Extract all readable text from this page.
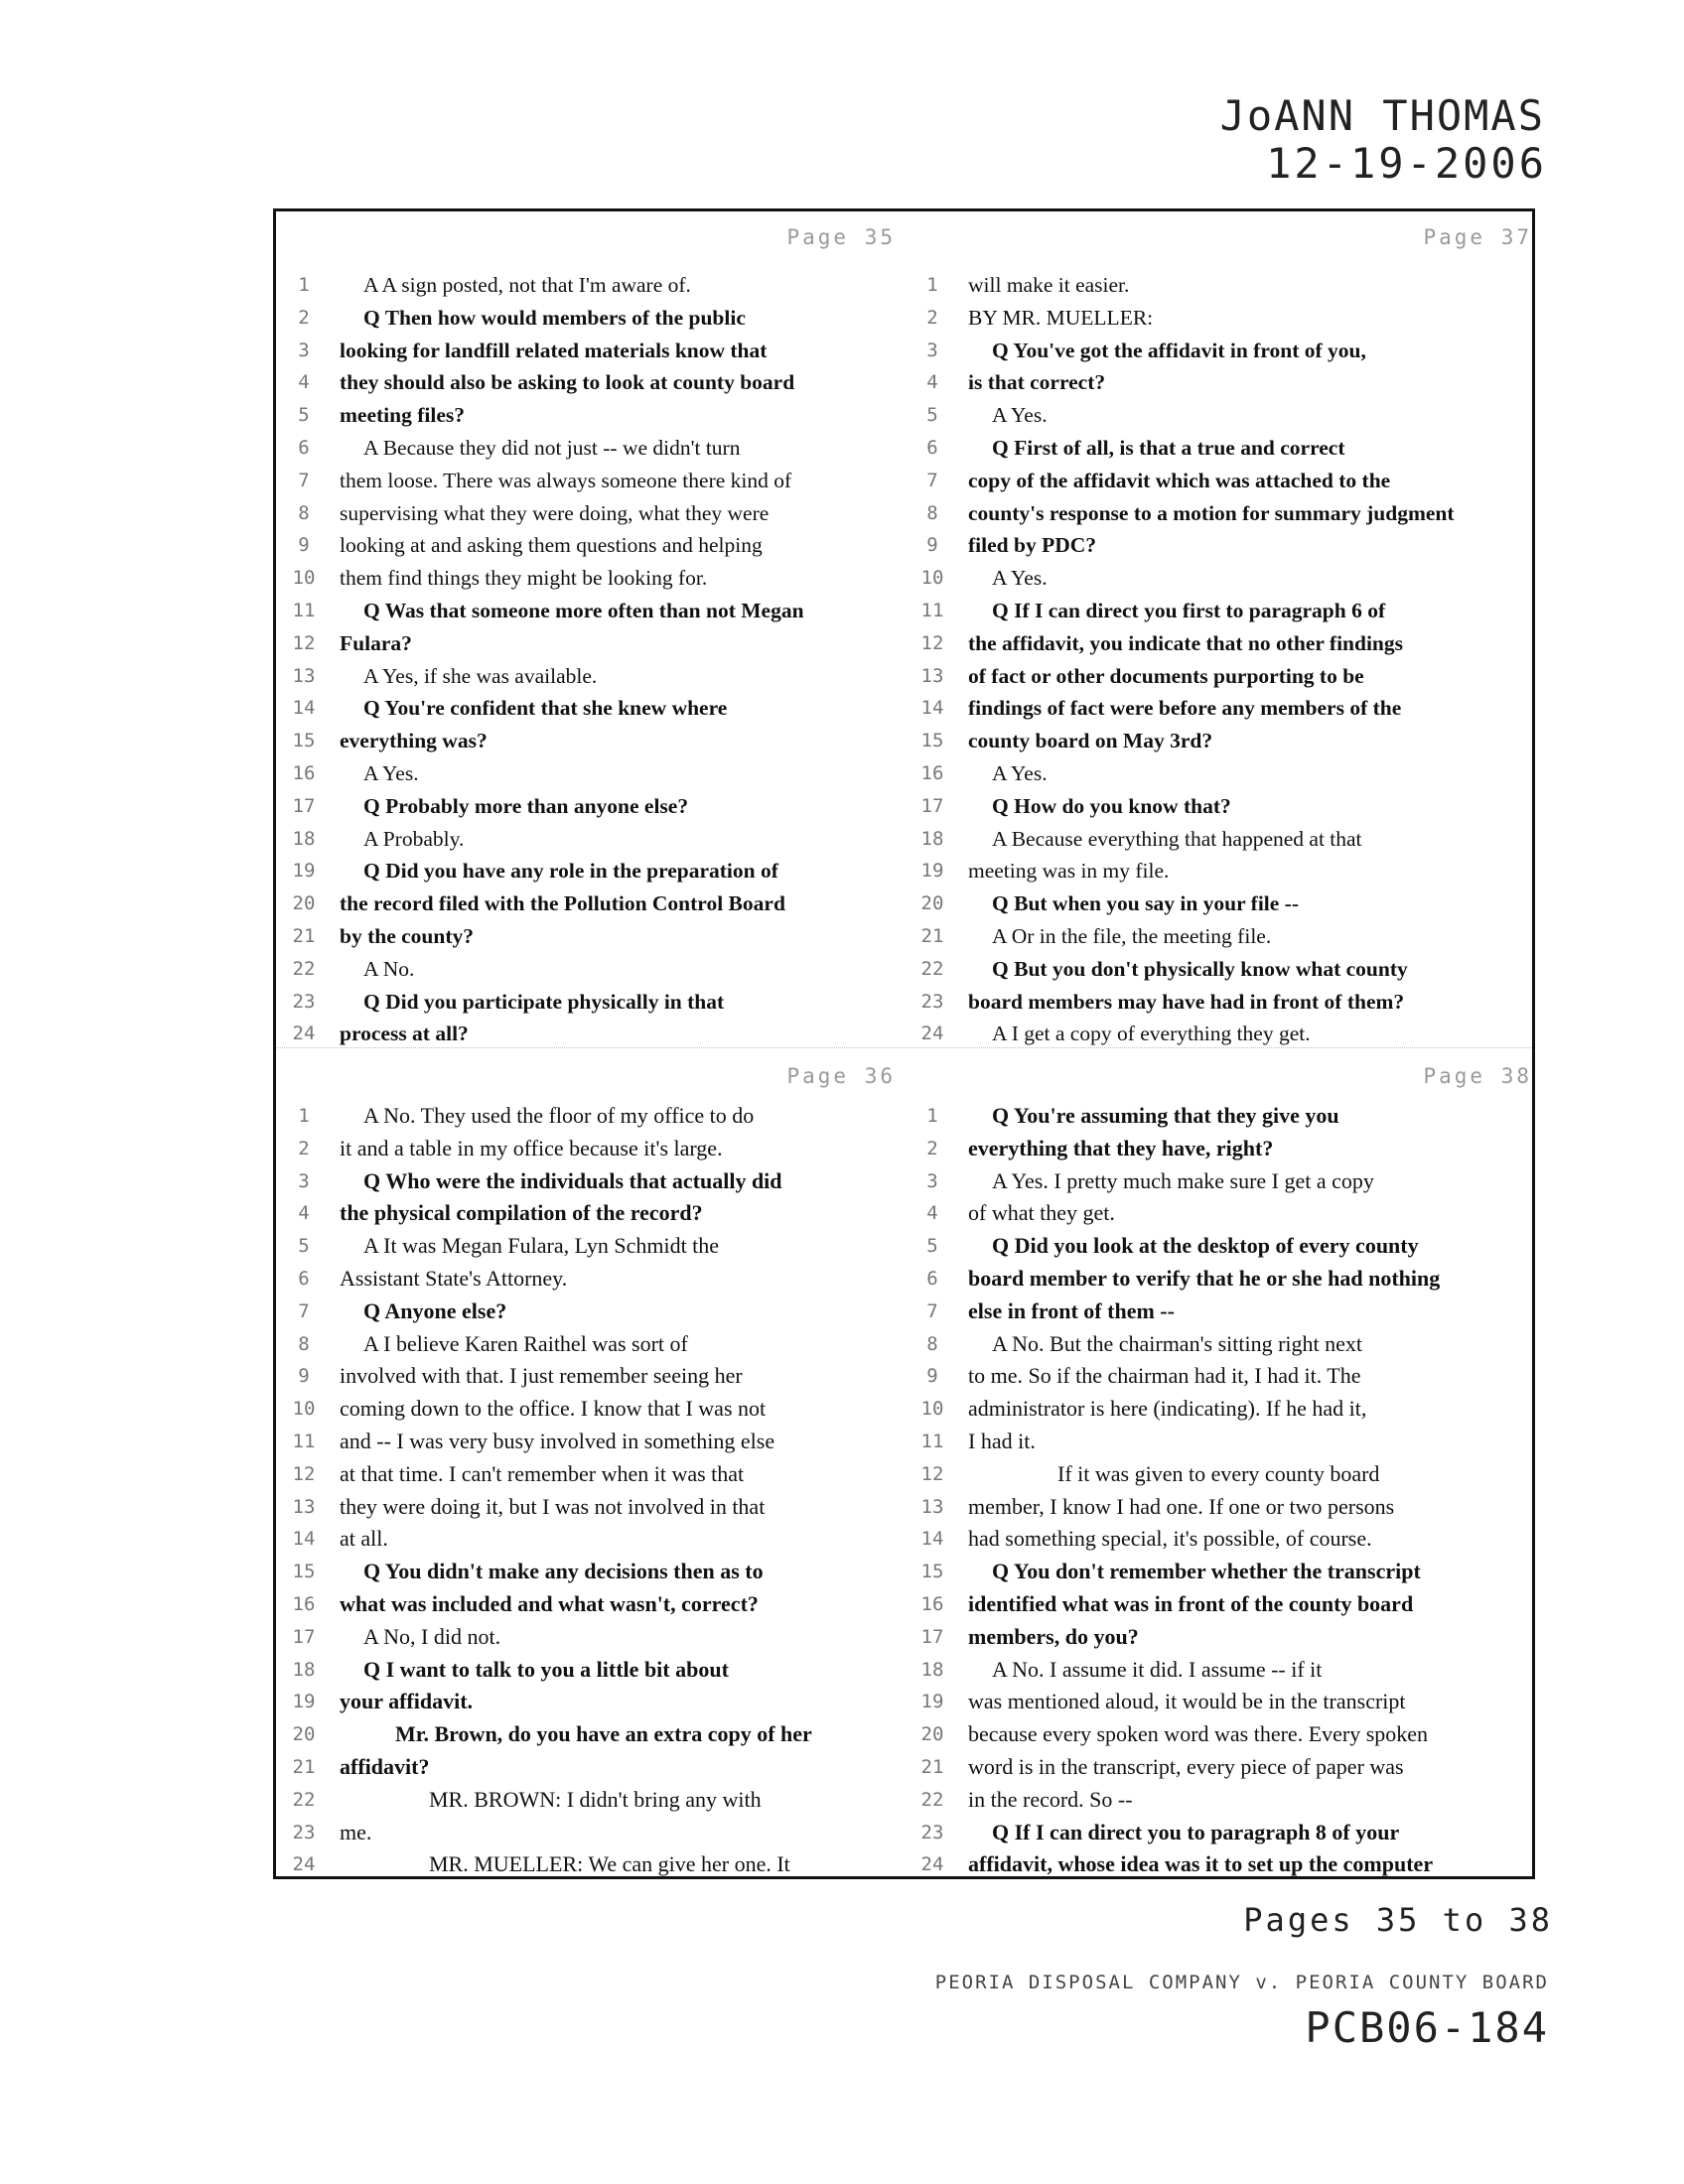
JoANN THOMAS
12-19-2006
Page 35
1	A A sign posted, not that I'm aware of.
2	Q Then how would members of the public
3	looking for landfill related materials know that
4	they should also be asking to look at county board
5	meeting files?
6	A Because they did not just -- we didn't turn
7	them loose. There was always someone there kind of
8	supervising what they were doing, what they were
9	looking at and asking them questions and helping
10 them find things they might be looking for.
11	Q Was that someone more often than not Megan
12 Fulara?
13	A Yes, if she was available.
14	Q You're confident that she knew where
15 everything was?
16	A Yes.
17	Q Probably more than anyone else?
18	A Probably.
19	Q Did you have any role in the preparation of
20 the record filed with the Pollution Control Board
21 by the county?
22	A No.
23	Q Did you participate physically in that
24 process at all?
Page 37
1	will make it easier.
2	BY MR. MUELLER:
3	Q You've got the affidavit in front of you,
4	is that correct?
5	A Yes.
6	Q First of all, is that a true and correct
7	copy of the affidavit which was attached to the
8	county's response to a motion for summary judgment
9	filed by PDC?
10	A Yes.
11	Q If I can direct you first to paragraph 6 of
12 the affidavit, you indicate that no other findings
13 of fact or other documents purporting to be
14 findings of fact were before any members of the
15 county board on May 3rd?
16	A Yes.
17	Q How do you know that?
18	A Because everything that happened at that
19 meeting was in my file.
20	Q But when you say in your file --
21	A Or in the file, the meeting file.
22	Q But you don't physically know what county
23 board members may have had in front of them?
24	A I get a copy of everything they get.
Page 36
1	A No. They used the floor of my office to do
2	it and a table in my office because it's large.
3	Q Who were the individuals that actually did
4	the physical compilation of the record?
5	A It was Megan Fulara, Lyn Schmidt the
6	Assistant State's Attorney.
7	Q Anyone else?
8	A I believe Karen Raithel was sort of
9	involved with that. I just remember seeing her
10 coming down to the office. I know that I was not
11 and -- I was very busy involved in something else
12 at that time. I can't remember when it was that
13 they were doing it, but I was not involved in that
14 at all.
15	Q You didn't make any decisions then as to
16 what was included and what wasn't, correct?
17	A No, I did not.
18	Q I want to talk to you a little bit about
19 your affidavit.
20	Mr. Brown, do you have an extra copy of her
21 affidavit?
22	MR. BROWN: I didn't bring any with
23 me.
24	MR. MUELLER: We can give her one. It
Page 38
1	Q You're assuming that they give you
2	everything that they have, right?
3	A Yes. I pretty much make sure I get a copy
4	of what they get.
5	Q Did you look at the desktop of every county
6	board member to verify that he or she had nothing
7	else in front of them --
8	A No. But the chairman's sitting right next
9	to me. So if the chairman had it, I had it. The
10 administrator is here (indicating). If he had it,
11 I had it.
12	If it was given to every county board
13 member, I know I had one. If one or two persons
14 had something special, it's possible, of course.
15	Q You don't remember whether the transcript
16 identified what was in front of the county board
17 members, do you?
18	A No. I assume it did. I assume -- if it
19 was mentioned aloud, it would be in the transcript
20 because every spoken word was there. Every spoken
21 word is in the transcript, every piece of paper was
22 in the record. So --
23	Q If I can direct you to paragraph 8 of your
24 affidavit, whose idea was it to set up the computer
Pages 35 to 38
PEORIA DISPOSAL COMPANY v. PEORIA COUNTY BOARD
PCB06-184
